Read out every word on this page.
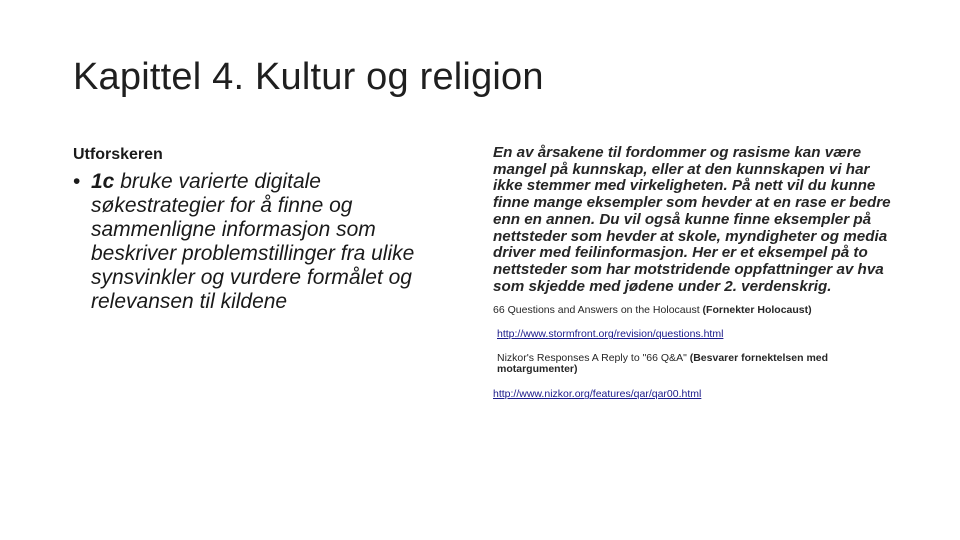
Kapittel 4. Kultur og religion
Utforskeren
• 1c bruke varierte digitale søkestrategier for å finne og sammenligne informasjon som beskriver problemstillinger fra ulike synsvinkler og vurdere formålet og relevansen til kildene

En av årsakene til fordommer og rasisme kan være mangel på kunnskap, eller at den kunnskapen vi har ikke stemmer med virkeligheten. På nett vil du kunne finne mange eksempler som hevder at en rase er bedre enn en annen. Du vil også kunne finne eksempler på nettsteder som hevder at skole, myndigheter og media driver med feilinformasjon. Her er et eksempel på to nettsteder som har motstridende oppfattninger av hva som skjedde med jødene under 2. verdenskrig.

66 Questions and Answers on the Holocaust (Fornekter Holocaust)

http://www.stormfront.org/revision/questions.html

Nizkor's Responses A Reply to "66 Q&A" (Besvarer fornektelsen med motargumenter)

http://www.nizkor.org/features/qar/qar00.html
